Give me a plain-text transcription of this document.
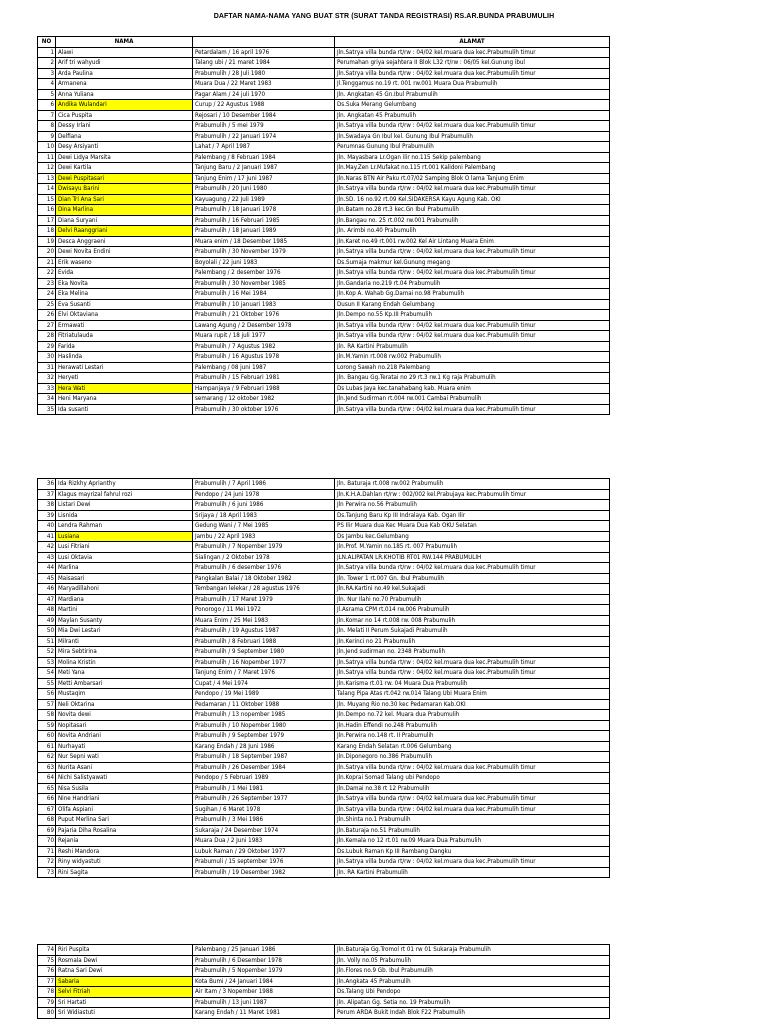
DAFTAR NAMA-NAMA YANG BUAT STR (SURAT TANDA REGISTRASI) RS.AR.BUNDA PRABUMULIH
NO	NAMA		ALAMAT
1	Alawi	Petardalam / 16 april 1976	Jln.Satrya villa bunda rt/rw : 04/02 kel.muara dua kec.Prabumulih timur
2	Arif tri wahyudi	Talang ubi / 21 maret 1984	Perumahan griya sejahtera II Blok L32 rt/rw : 06/05 kel.Gunung ibul
3	Arda Paulina	Prabumulih / 28 Juli 1980	Jln.Satrya villa bunda rt/rw : 04/02 kel.muara dua kec.Prabumulih timur
4	Armanena	Muara Dua / 22 Maret 1983	Jl.Tenggamus no.19 rt. 001 rw.001 Muara Dua Prabumulih
5	Anna Yuliana	Pagar Alam / 24 juli 1970	Jln. Angkatan 45 Gn.Ibul Prabumulih
6	Andika Wulandari	Curup / 22 Agustus 1988	Ds.Suka Merang Gelumbang
7	Cica Puspita	Rejosari / 10 Desember 1984	Jln. Angkatan 45 Prabumulih
8	Dessy Irlani	Prabumulih / 5 mei 1979	Jln.Satrya villa bunda rt/rw : 04/02 kel.muara dua kec.Prabumulih timur
9	Delfiana	Prabumulih / 22 Januari 1974	Jln.Swadaya Gn Ibul kel. Gunung Ibul Prabumulih
10	Desy Arsiyanti	Lahat / 7 April 1987	Perumnas Gunung Ibul Prabumulih
11	Dewi Lidya Marsita	Palembang / 8 Februari 1984	Jln. Mayasbara Lr.Ogan ilir no.115 Sekip palembang
12	Dewi Kartila	Tanjung Baru / 2 Januari 1987	Jln.May.Zen Lr.Mufakat no.115 rt.001 Kalidoni Palembang
13	Dewi Puspitasari	Tanjung Enim / 17 juni 1987	Jln.Naras BTN Air Paku rt.07/02 Samping Blok O lama Tanjung Enim
14	Dwisayu Barini	Prabumulih / 20 Juni 1980	Jln.Satrya villa bunda rt/rw : 04/02 kel.muara dua kec.Prabumulih timur
15	Dian Tri Ana Sari	Kayuagung / 22 Juli 1989	Jln.SD. 16 no.92 rt.09 Kel.SIDAKERSA Kayu Agung Kab. OKI
16	Dina Marlina	Prabumulih / 18 Januari 1978	Jln.Batam no.28 rt.3 kec.Gn Ibul Prabumulih
17	Diana Suryani	Prabumulih / 16 Februari 1985	Jln.Bangau no. 25 rt.002 rw.001 Prabumulih
18	Delvi Raanggriani	Prabumulih / 18 Januari 1989	Jln. Arimbi no.40 Prabumulih
19	Desca Anggraeni	Muara enim / 18 Desember 1985	Jln.Karet no.49 rt.001 rw.002 Kel Air Lintang Muara Enim
20	Dewi Novita Endini	Prabumulih / 30 November 1979	Jln.Satrya villa bunda rt/rw : 04/02 kel.muara dua kec.Prabumulih timur
21	Erik waseno	Boyolali / 22 juni 1983	Ds.Sumaja makmur kel.Gunung megang
22	Evida	Palembang / 2 desember 1976	Jln.Satrya villa bunda rt/rw : 04/02 kel.muara dua kec.Prabumulih timur
23	Eka Novita	Prabumulih / 30 November 1985	Jln.Gandaria no.219 rt.04 Prabumulih
24	Eka Melina	Prabumulih / 16 Mei 1984	Jln.Kop A. Wahab Gg.Damai no.98 Prabumulih
25	Eva Susanti	Prabumulih / 10 januari 1983	Dusun II Karang Endah Gelumbang
26	Elvi Oktaviana	Prabumulih / 21 Oktober 1976	Jln.Dempo no.55 Kp.III Prabumulih
27	Ermawati	Lawang Agung / 2 Desember 1978	Jln.Satrya villa bunda rt/rw : 04/02 kel.muara dua kec.Prabumulih timur
28	Fitriatulauda	Muara rupit / 18 juli 1977	Jln.Satrya villa bunda rt/rw : 04/02 kel.muara dua kec.Prabumulih timur
29	Farida	Prabumulih / 7 Agustus 1982	Jln. RA Kartini Prabumulih
30	Haslinda	Prabumulih / 16 Agustus 1978	Jln.M.Yamin rt.008 rw.002 Prabumulih
31	Herawati Lestari	Palembang / 08 juni 1987	Lorong Sawah no.218 Palembang
32	Heryeti	Prabumulih / 15 Februari 1981	Jln. Bangau Gg.Teratai no 29 rt.3 rw.1 Kg raja Prabumulih
33	Hera Wati	Hampanjaya / 9 Februari 1988	Ds Lubas Jaya kec.tanahabang kab. Muara enim
34	Heni Maryana	semarang / 12 oktober 1982	Jln.Jend Sudirman rt.004 rw.001 Cambai Prabumulih
35	Ida susanti	Prabumulih / 30 oktober 1976	Jln.Satrya villa bunda rt/rw : 04/02 kel.muara dua kec.Prabumulih timur
36	Ida Rizkhy Aprianthy	Prabumulih / 7 April 1986	Jln. Baturaja rt.008 rw.002 Prabumulih
37	Klagus mayrizal fahrul rozi	Pendopo / 24 juni 1978	Jln.K.H.A.Dahlan rt/rw : 002/002 kel.Prabujaya kec.Prabumulih timur
38	Listari Dewi	Prabumulih / 6 juni 1986	Jln Perwira no.56 Prabumulih
39	Lisnida	Srijaya / 18 April 1983	Ds.Tanjung Baru Kp III Indralaya Kab. Ogan Ilir
40	Lendra Rahman	Gedung Wani / 7 Mei 1985	PS Ilir Muara dua Kec Muara Dua Kab OKU Selatan
41	Lusiana	Jambu / 22 April 1983	Ds Jambu kec.Gelumbang
42	Lusi Fitriani	Prabumulih / 7 Nopember 1979	Jln.Prof. M.Yamin no.185 rt. 007 Prabumulih
43	Lusi Oktavia	Sialingan / 2 Oktober 1978	JLN.ALIPATAN LR.KHOTIB RT01 RW.144 PRABUMULIH
44	Marlina	Prabumulih / 6 desember 1976	Jln.Satrya villa bunda rt/rw : 04/02 kel.muara dua kec.Prabumulih timur
45	Maisasari	Pangkalan Balai / 18 Oktober 1982	Jln. Tower 1 rt.007 Gn. Ibul Prabumulih
46	Maryadillahoni	Tembangan lelekar / 28 agustus 1976	Jln.RA.Kartini no.49 kel.Sukajadi
47	Mardiana	Prabumulih / 17 Maret 1979	Jln. Nur Ilahi no.70 Prabumulih
48	Martini	Ponorogo / 11 Mei 1972	Jl.Asrama CPM rt.014 rw.006 Prabumulih
49	Maylan Susanty	Muara Enim / 25 Mei 1983	Jln.Komar no 14 rt.008 rw. 008 Prabumulih
50	Mia Dwi Lestari	Prabumulih / 19 Agustus 1987	Jln. Melati II Perum Sukajadi Prabumulih
51	Milranti	Prabumulih / 8 Februari 1988	Jln.Kerinci no 21 Prabumulih
52	Mira Sebtirina	Prabumulih / 9 September 1980	Jln.Jend sudirman no. 2348 Prabumulih
53	Molina Kristin	Prabumulih / 16 Nopember 1977	Jln.Satrya villa bunda rt/rw : 04/02 kel.muara dua kec.Prabumulih timur
54	Meti Yana	Tanjung Enim / 7 Maret 1976	Jln.Satrya villa bunda rt/rw : 04/02 kel.muara dua kec.Prabumulih timur
55	Metti Ambarsari	Cupat / 4 Mei 1974	Jln.Karisma rt.01 rw. 04 Muara Dua Prabumulih
56	Mustaqim	Pendopo / 19 Mei 1989	Talang Pipa Atas rt.042 rw.014 Talang Ubi Muara Enim
57	Neli Oktarina	Pedamaran / 11 Oktober 1988	Jln. Muyang Rio no.30 kec Pedamaran Kab.OKI
58	Novita dewi	Prabumulih / 13 nopember 1985	Jln.Dempo no.72 kel. Muara dua Prabumulih
59	Nopitasari	Prabumulih / 10 Nopember 1980	Jln.Hadin Effendi no.248 Prabumulih
60	Novita Andriani	Prabumulih / 9 September 1979	Jln.Perwira no.148 rt. II Prabumulih
61	Nurhayati	Karang Endah / 28 Juni 1986	Karang Endah Selatan rt.006 Gelumbang
62	Nur Sepni wati	Prabumulih / 18 September 1987	Jln.Diponegoro no.386 Prabumulih
63	Nurita Asani	Prabumulih / 26 Desember 1984	Jln.Satrya villa bunda rt/rw : 04/02 kel.muara dua kec.Prabumulih timur
64	Nichi Salistyawati	Pendopo / 5 Februari 1989	Jln.Koprai Somad Talang ubi Pendopo
65	Nisa Susila	Prabumulih / 1 Mei 1981	Jln.Damai no.38 rt 12 Prabumulih
66	Nine Handriani	Prabumulih / 26 September 1977	Jln.Satrya villa bunda rt/rw : 04/02 kel.muara dua kec.Prabumulih timur
67	Olifa Aspiani	Sugihan / 6 Maret 1978	Jln.Satrya villa bunda rt/rw : 04/02 kel.muara dua kec.Prabumulih timur
68	Puput Merlina Sari	Prabumulih / 3 Mei 1986	Jln.Shinta no.1 Prabumulih
69	Pajaria Diha Rosalina	Sukaraja / 24 Desember 1974	Jln.Baturaja no.51 Prabumulih
70	Rejania	Muara Dua / 2 Juni 1983	Jln.Kemala no 12 rt.01 rw.09 Muara Dua Prabumulih
71	Reshi Mandora	Lubuk Raman / 29 Oktober 1977	Ds.Lubuk Raman Kp III Rambang Dangku
72	Riny widyastuti	Prabumuli / 15 september 1976	Jln.Satrya villa bunda rt/rw : 04/02 kel.muara dua kec.Prabumulih timur
73	Rini Sagita	Prabumulih / 19 Desember 1982	Jln. RA Kartini Prabumulih
74	Riri Puspita	Palembang / 25 Januari 1986	Jln.Baturaja Gg.Tromol rt 01 rw 01 Sukaraja Prabumulih
75	Rosmala Dewi	Prabumulih / 6 Desember 1978	Jln. Volly no.05 Prabumulih
76	Ratna Sari Dewi	Prabumulih / 5 Nopember 1979	Jln.Flores no.9 Gb. Ibul Prabumulih
77	Sabaria	Kota Bumi / 24 Januari 1984	Jln.Angkata 45 Prabumulih
78	Selvi Fitriah	Air Itam / 3 Nopember 1988	Ds.Talang Ubi Pendopo
79	Sri Hartati	Prabumulih / 13 juni 1987	Jln. Alipatan Gg. Setia no. 19 Prabumulih
80	Sri Widiastuti	Karang Endah / 11 Maret 1981	Perum ARDA Bukit Indah Blok F22 Prabumulih
